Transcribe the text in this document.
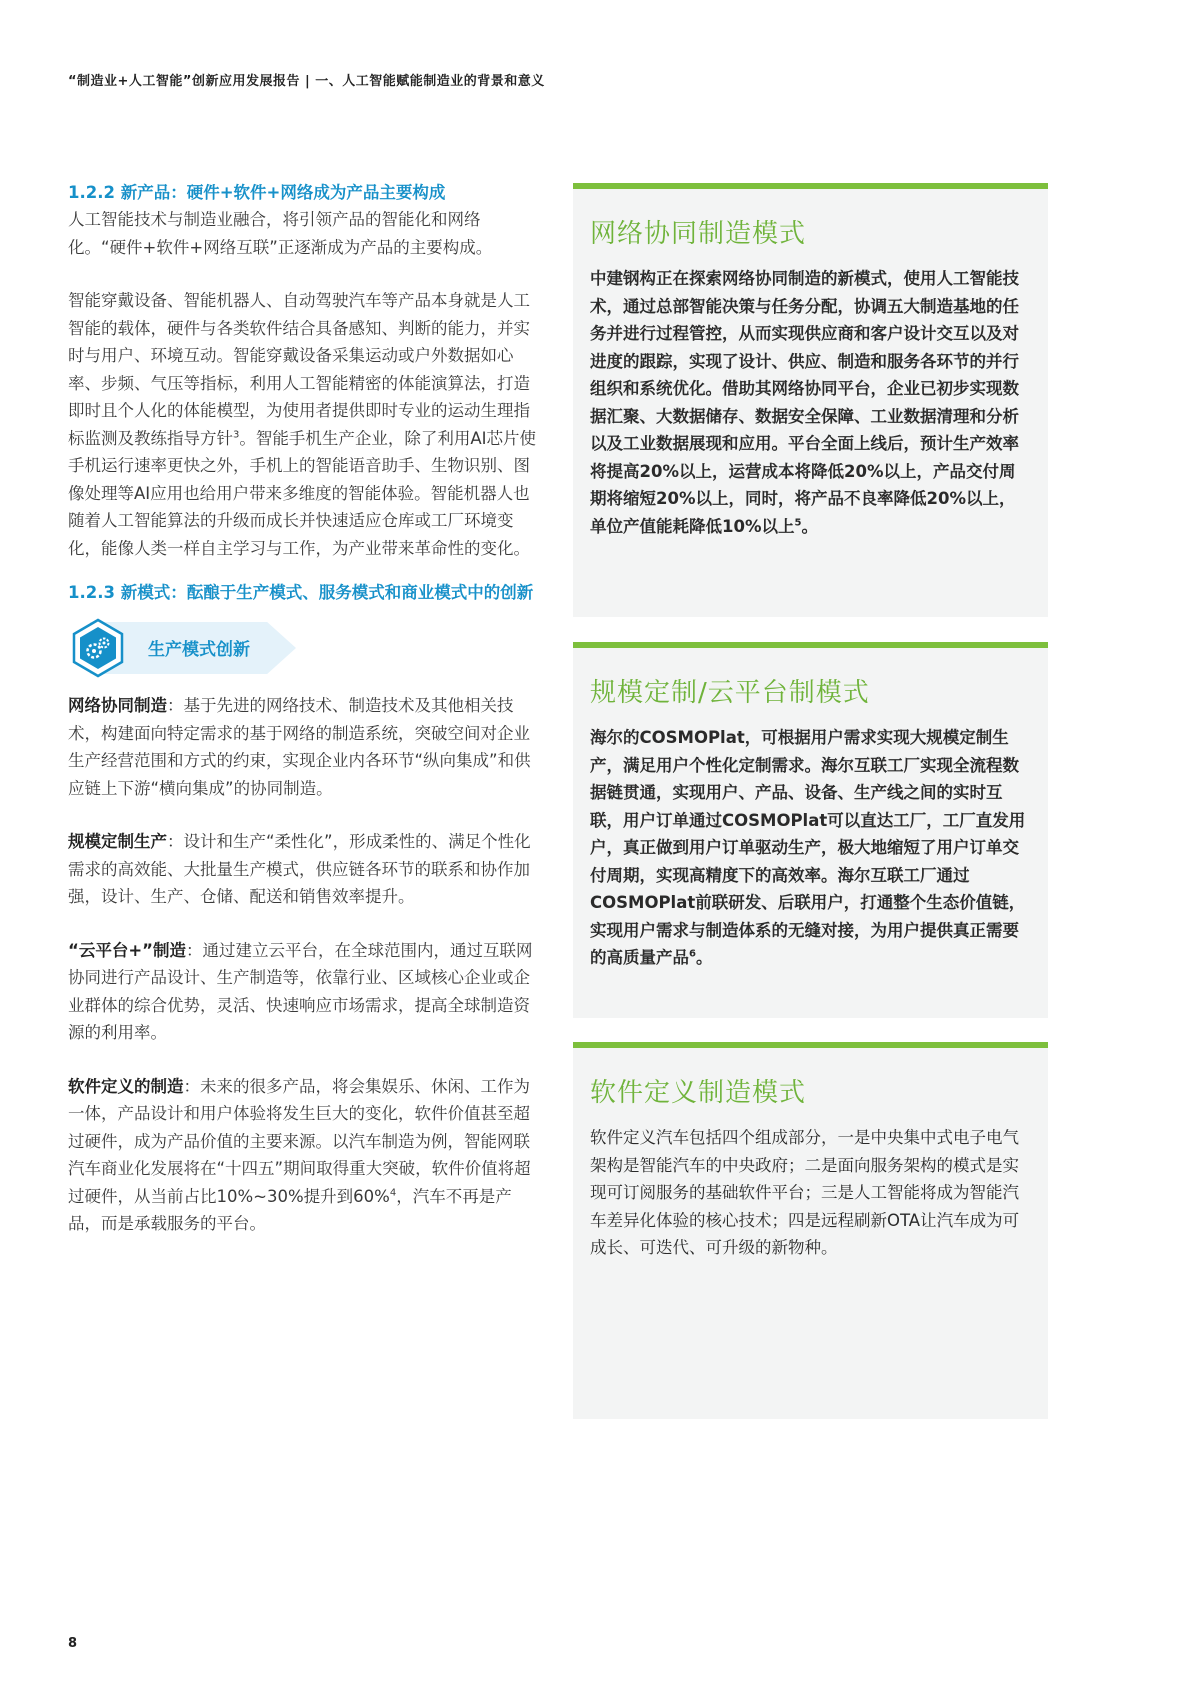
“制造业+人工智能”创新应用发展报告 | 一、人工智能赋能制造业的背景和意义
1.2.2 新产品：硬件+软件+网络成为产品主要构成

人工智能技术与制造业融合，将引领产品的智能化和网络化。“硬件+软件+网络互联”正逐渐成为产品的主要构成。

智能穿戴设备、智能机器人、自动驾驶汽车等产品本身就是人工智能的载体，硬件与各类软件结合具备感知、判断的能力，并实时与用户、环境互动。智能穿戴设备采集运动或户外数据如心率、步频、气压等指标，利用人工智能精密的体能演算法，打造即时且个人化的体能模型，为使用者提供即时专业的运动生理指标监测及教练指导方针$^3$。智能手机生产企业，除了利用AI芯片使手机运行速率更快之外，手机上的智能语音助手、生物识别、图像处理等AI应用也给用户带来多维度的智能体验。智能机器人也随着人工智能算法的升级而成长并快速适应仓库或工厂环境变化，能像人类一样自主学习与工作，为产业带来革命性的变化。

1.2.3 新模式：酝酿于生产模式、服务模式和商业模式中的创新
生产模式创新

网络协同制造：基于先进的网络技术、制造技术及其他相关技术，构建面向特定需求的基于网络的制造系统，突破空间对企业生产经营范围和方式的约束，实现企业内各环节“纵向集成”和供应链上下游“横向集成”的协同制造。

规模定制生产：设计和生产“柔性化”，形成柔性的、满足个性化需求的高效能、大批量生产模式，供应链各环节的联系和协作加强，设计、生产、仓储、配送和销售效率提升。

“云平台+”制造：通过建立云平台，在全球范围内，通过互联网协同进行产品设计、生产制造等，依靠行业、区域核心企业或企业群体的综合优势，灵活、快速响应市场需求，提高全球制造资源的利用率。

软件定义的制造：未来的很多产品，将会集娱乐、休闲、工作为一体，产品设计和用户体验将发生巨大的变化，软件价值甚至超过硬件，成为产品价值的主要来源。以汽车制造为例，智能网联汽车商业化发展将在“十四五”期间取得重大突破，软件价值将超过硬件，从当前占比10%~30%提升到60%$^4$，汽车不再是产品，而是承载服务的平台。

网络协同制造模式

中建钢构正在探索网络协同制造的新模式，使用人工智能技术，通过总部智能决策与任务分配，协调五大制造基地的任务并进行过程管控，从而实现供应商和客户设计交互以及对进度的跟踪，实现了设计、供应、制造和服务各环节的并行组织和系统优化。借助其网络协同平台，企业已初步实现数据汇聚、大数据储存、数据安全保障、工业数据清理和分析以及工业数据展现和应用。平台全面上线后，预计生产效率将提高20%以上，运营成本将降低20%以上，产品交付周期将缩短20%以上，同时，将产品不良率降低20%以上，单位产值能耗降低10%以上$^5$。

规模定制/云平台制模式

海尔的COSMOPlat，可根据用户需求实现大规模定制生产，满足用户个性化定制需求。海尔互联工厂实现全流程数据链贯通，实现用户、产品、设备、生产线之间的实时互联，用户订单通过COSMOPlat可以直达工厂，工厂直发用户，真正做到用户订单驱动生产，极大地缩短了用户订单交付周期，实现高精度下的高效率。海尔互联工厂通过COSMOPlat前联研发、后联用户，打通整个生态价值链，实现用户需求与制造体系的无缝对接，为用户提供真正需要的高质量产品$^6$。

软件定义制造模式

软件定义汽车包括四个组成部分，一是中央集中式电子电气架构是智能汽车的中央政府；二是面向服务架构的模式是实现可订阅服务的基础软件平台；三是人工智能将成为智能汽车差异化体验的核心技术；四是远程刷新OTA让汽车成为可成长、可迭代、可升级的新物种。

8
